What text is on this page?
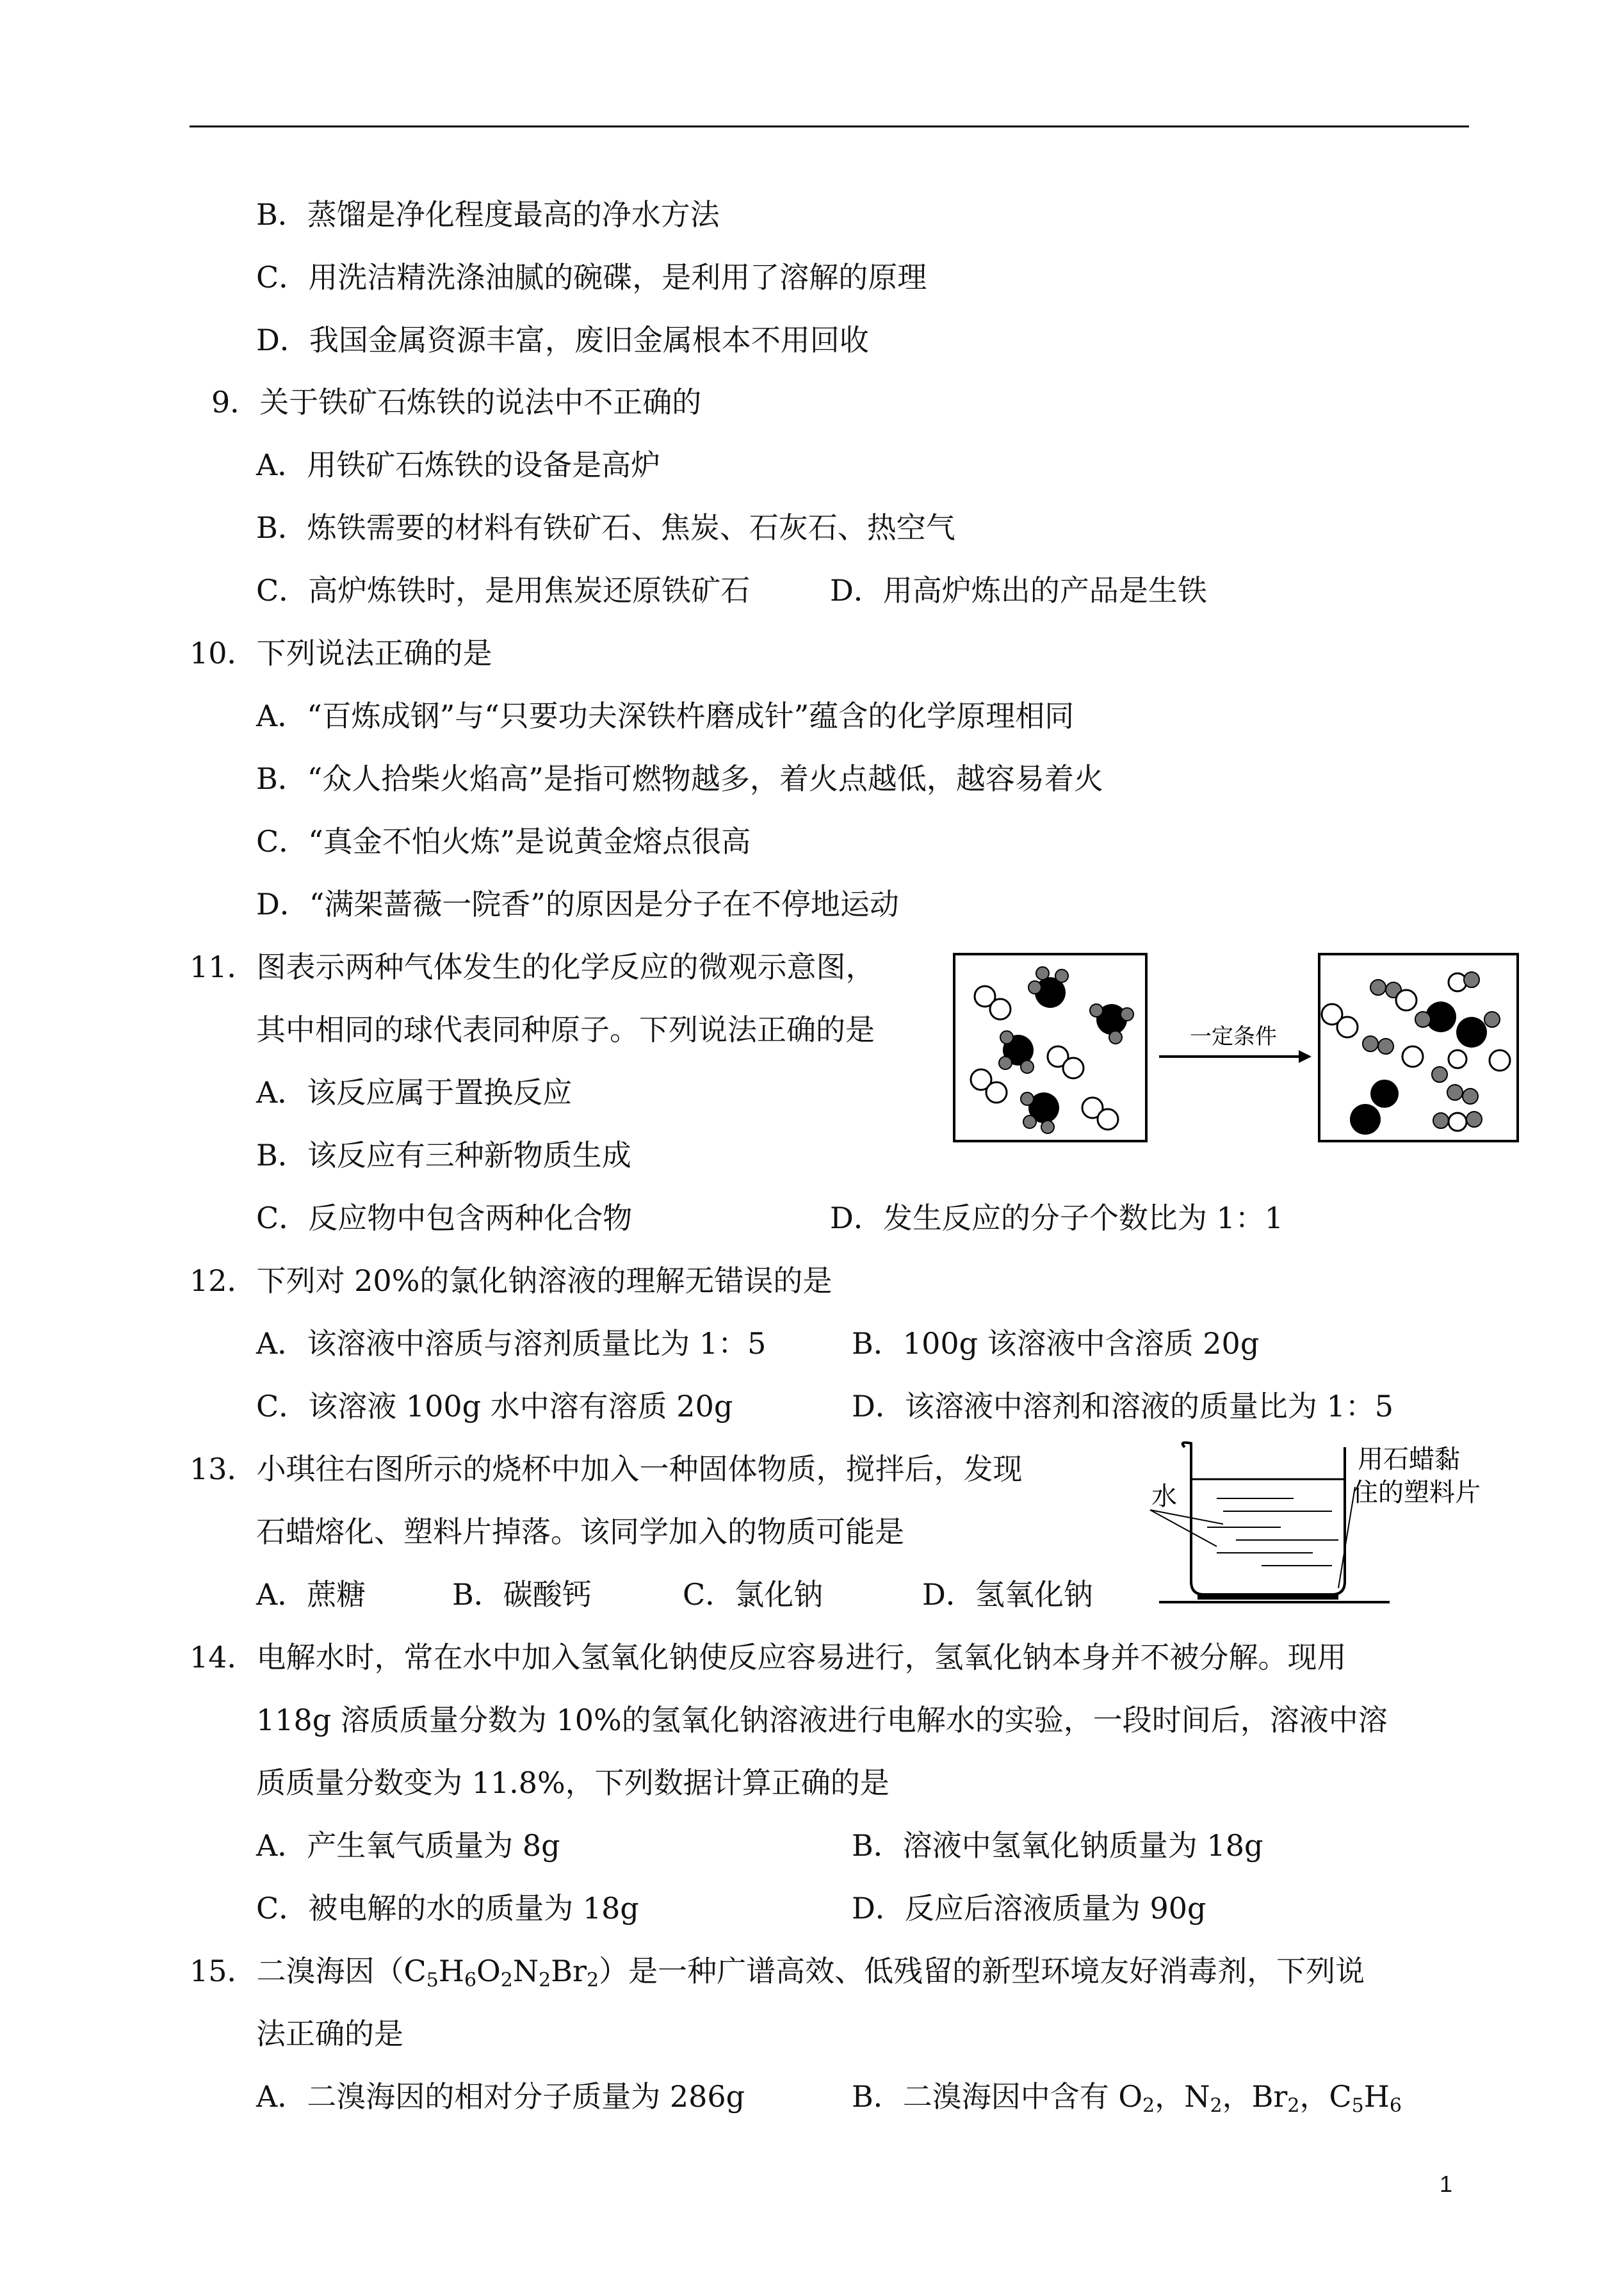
B．蒸馏是净化程度最高的净水方法
C．用洗洁精洗涤油腻的碗碟，是利用了溶解的原理
D．我国金属资源丰富，废旧金属根本不用回收
9．关于铁矿石炼铁的说法中不正确的
A．用铁矿石炼铁的设备是高炉
B．炼铁需要的材料有铁矿石、焦炭、石灰石、热空气
C．高炉炼铁时，是用焦炭还原铁矿石	D．用高炉炼出的产品是生铁
10．下列说法正确的是
A．“百炼成钢”与“只要功夫深铁杵磨成针”蕴含的化学原理相同
B．“众人拾柴火焰高”是指可燃物越多，着火点越低，越容易着火
C．“真金不怕火炼”是说黄金熔点很高
D．“满架蔷薇一院香”的原因是分子在不停地运动
11．图表示两种气体发生的化学反应的微观示意图，
其中相同的球代表同种原子。下列说法正确的是
A．该反应属于置换反应
B．该反应有三种新物质生成
C．反应物中包含两种化合物	D．发生反应的分子个数比为 1：1
一定条件
12．下列对 20%的氯化钠溶液的理解无错误的是
A．该溶液中溶质与溶剂质量比为 1：5	B．100g 该溶液中含溶质 20g
C．该溶液 100g 水中溶有溶质 20g	D．该溶液中溶剂和溶液的质量比为 1：5
13．小琪往右图所示的烧杯中加入一种固体物质，搅拌后，发现
石蜡熔化、塑料片掉落。该同学加入的物质可能是
A．蔗糖	B．碳酸钙	C．氯化钠	D．氢氧化钠
水
用石蜡黏
住的塑料片
14．电解水时，常在水中加入氢氧化钠使反应容易进行，氢氧化钠本身并不被分解。现用
118g 溶质质量分数为 10%的氢氧化钠溶液进行电解水的实验，一段时间后，溶液中溶
质质量分数变为 11.8%，下列数据计算正确的是
A．产生氧气质量为 8g	B．溶液中氢氧化钠质量为 18g
C．被电解的水的质量为 18g	D．反应后溶液质量为 90g
15．二溴海因$(C_5H_6O_2N_2Br_2)$是一种广谱高效、低残留的新型环境友好消毒剂，下列说
法正确的是
A．二溴海因的相对分子质量为 286g	B．二溴海因中含有 $O_2$，$N_2$，$Br_2$，$C_5H_6$
1
